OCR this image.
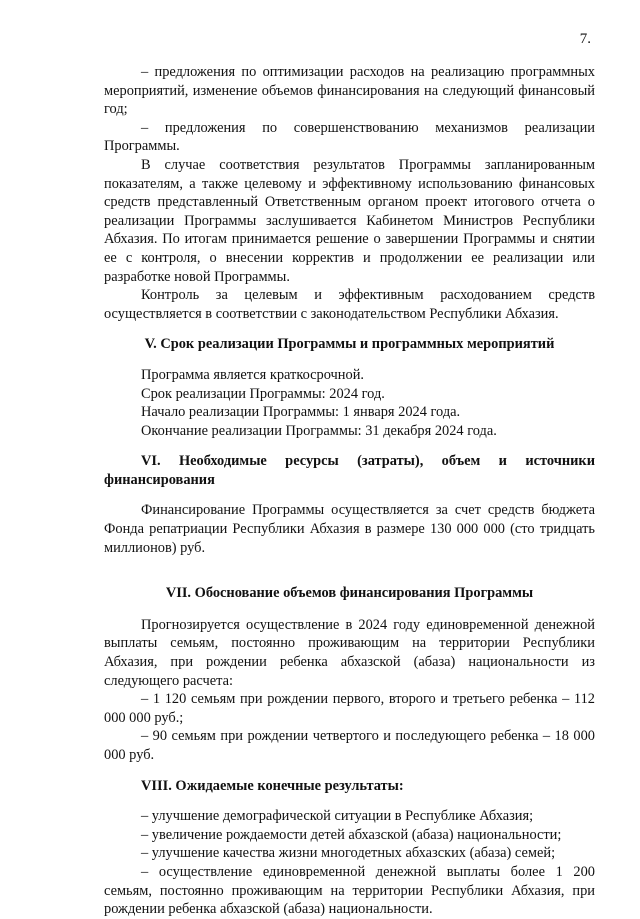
7.

– предложения по оптимизации расходов на реализацию программных мероприятий, изменение объемов финансирования на следующий финансовый год;

– предложения по совершенствованию механизмов реализации Программы.

В случае соответствия результатов Программы запланированным показателям, а также целевому и эффективному использованию финансовых средств представленный Ответственным органом проект итогового отчета о реализации Программы заслушивается Кабинетом Министров Республики Абхазия. По итогам принимается решение о завершении Программы и снятии ее с контроля, о внесении корректив и продолжении ее реализации или разработке новой Программы.

Контроль за целевым и эффективным расходованием средств осуществляется в соответствии с законодательством Республики Абхазия.

V. Срок реализации Программы и программных мероприятий

Программа является краткосрочной.

Срок реализации Программы: 2024 год.

Начало реализации Программы: 1 января 2024 года.

Окончание реализации Программы: 31 декабря 2024 года.

VI. Необходимые ресурсы (затраты), объем и источники финансирования

Финансирование Программы осуществляется за счет средств бюджета Фонда репатриации Республики Абхазия в размере 130 000 000 (сто тридцать миллионов) руб.

VII. Обоснование объемов финансирования Программы

Прогнозируется осуществление в 2024 году единовременной денежной выплаты семьям, постоянно проживающим на территории Республики Абхазия, при рождении ребенка абхазской (абаза) национальности из следующего расчета:

– 1 120 семьям при рождении первого, второго и третьего ребенка – 112 000 000 руб.;

– 90 семьям при рождении четвертого и последующего ребенка – 18 000 000 руб.

VIII. Ожидаемые конечные результаты:

– улучшение демографической ситуации в Республике Абхазия;

– увеличение рождаемости детей абхазской (абаза) национальности;

– улучшение качества жизни многодетных абхазских (абаза) семей;

– осуществление единовременной денежной выплаты более 1 200 семьям, постоянно проживающим на территории Республики Абхазия, при рождении ребенка абхазской (абаза) национальности.
